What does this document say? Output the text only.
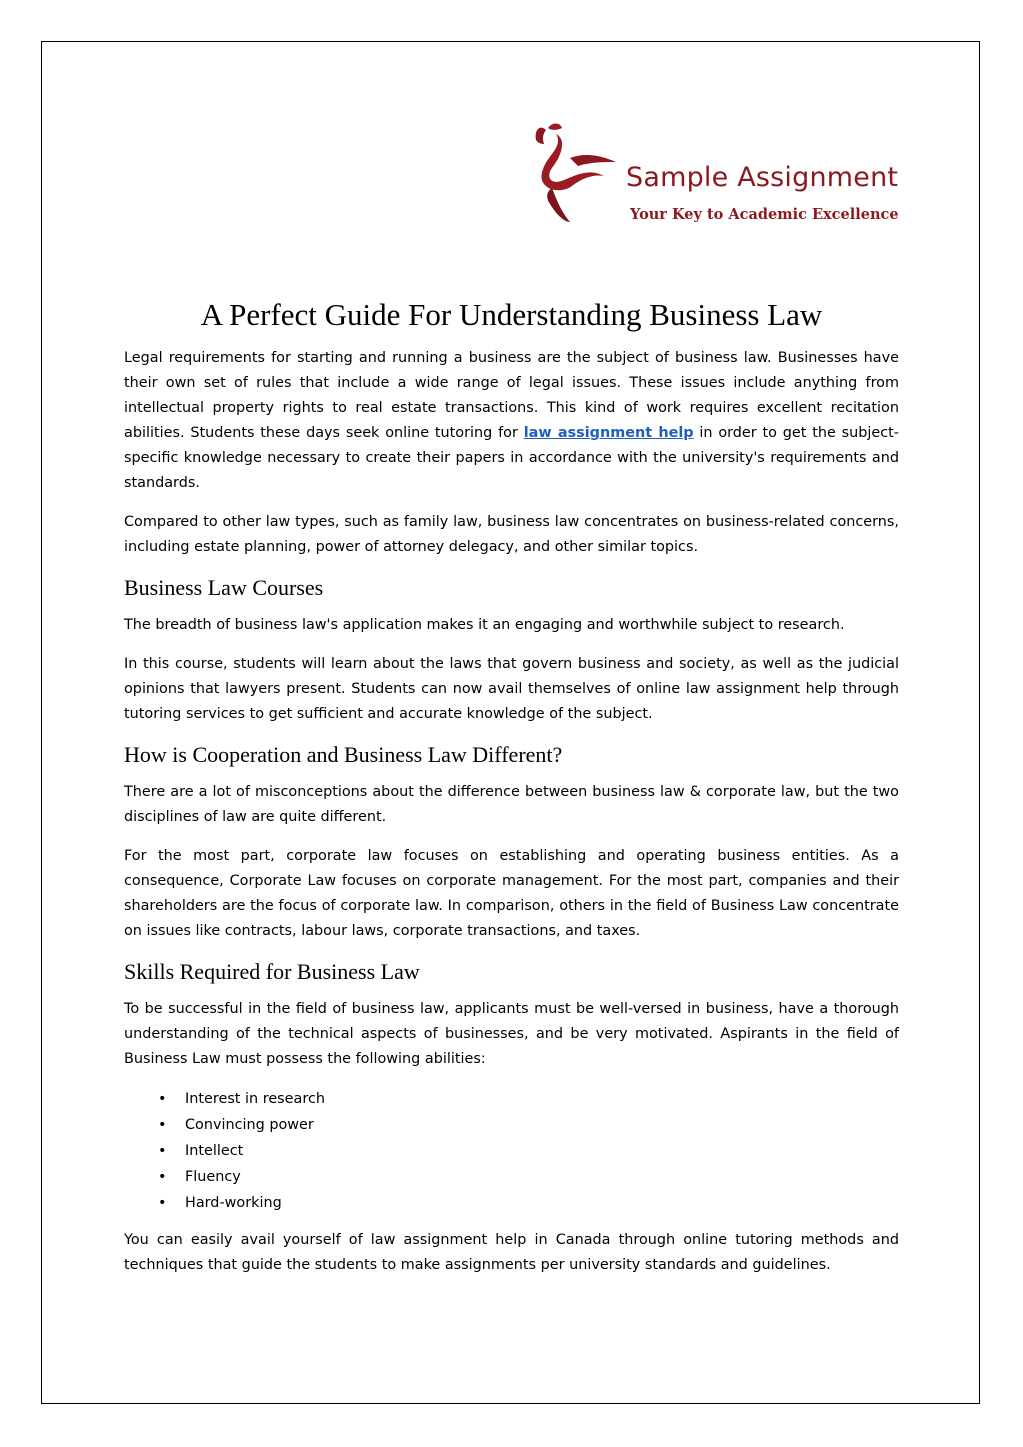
Sample Assignment
Your Key to Academic Excellence
A Perfect Guide For Understanding Business Law

Legal requirements for starting and running a business are the subject of business law. Businesses have their own set of rules that include a wide range of legal issues. These issues include anything from intellectual property rights to real estate transactions. This kind of work requires excellent recitation abilities. Students these days seek online tutoring for law assignment help in order to get the subject-specific knowledge necessary to create their papers in accordance with the university's requirements and standards.

Compared to other law types, such as family law, business law concentrates on business-related concerns, including estate planning, power of attorney delegacy, and other similar topics.

Business Law Courses

The breadth of business law's application makes it an engaging and worthwhile subject to research.

In this course, students will learn about the laws that govern business and society, as well as the judicial opinions that lawyers present. Students can now avail themselves of online law assignment help through tutoring services to get sufficient and accurate knowledge of the subject.

How is Cooperation and Business Law Different?

There are a lot of misconceptions about the difference between business law & corporate law, but the two disciplines of law are quite different.

For the most part, corporate law focuses on establishing and operating business entities. As a consequence, Corporate Law focuses on corporate management. For the most part, companies and their shareholders are the focus of corporate law. In comparison, others in the field of Business Law concentrate on issues like contracts, labour laws, corporate transactions, and taxes.

Skills Required for Business Law

To be successful in the field of business law, applicants must be well-versed in business, have a thorough understanding of the technical aspects of businesses, and be very motivated. Aspirants in the field of Business Law must possess the following abilities:

• Interest in research
• Convincing power
• Intellect
• Fluency
• Hard-working

You can easily avail yourself of law assignment help in Canada through online tutoring methods and techniques that guide the students to make assignments per university standards and guidelines.
